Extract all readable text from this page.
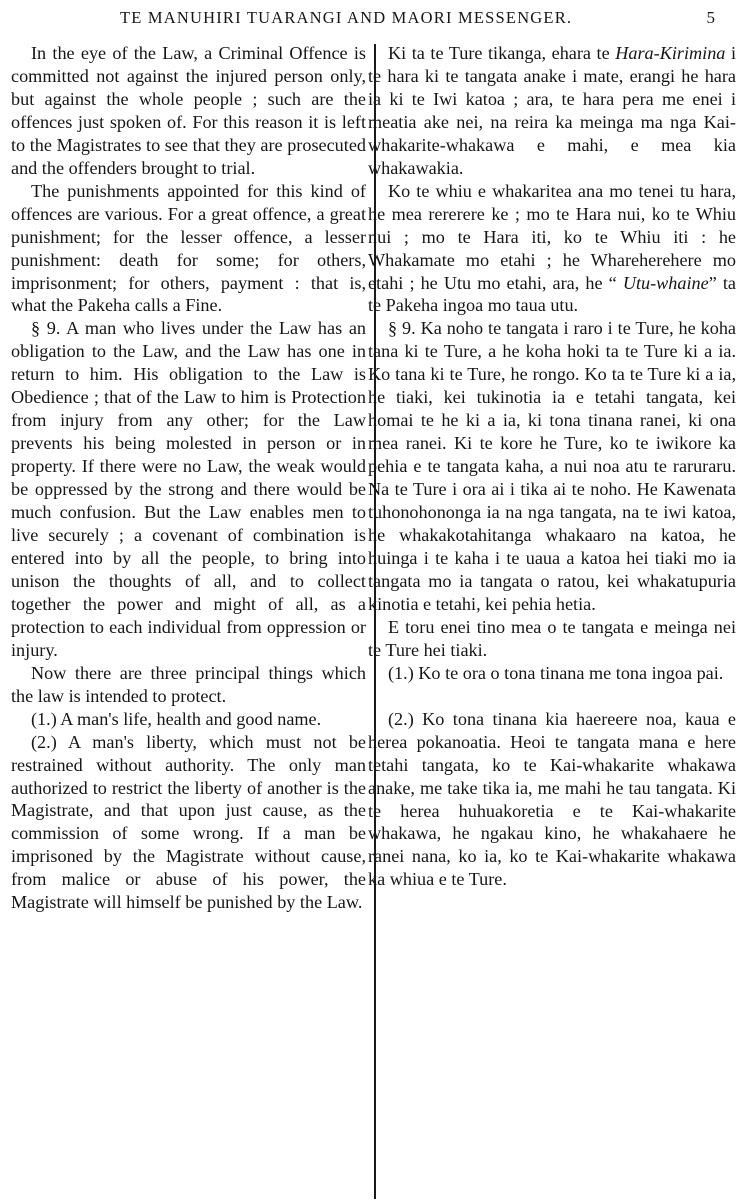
TE MANUHIRI TUARANGI AND MAORI MESSENGER.	5

In the eye of the Law, a Criminal Offence is committed not against the injured person only, but against the whole people ; such are the offences just spoken of. For this reason it is left to the Magistrates to see that they are prosecuted and the offenders brought to trial.

The punishments appointed for this kind of offences are various. For a great offence, a great punishment; for the lesser offence, a lesser punishment: death for some; for others, imprisonment; for others, payment : that is, what the Pakeha calls a Fine.

§ 9. A man who lives under the Law has an obligation to the Law, and the Law has one in return to him. His obligation to the Law is Obedience ; that of the Law to him is Protection from injury from any other; for the Law prevents his being molested in person or in property. If there were no Law, the weak would be oppressed by the strong and there would be much confusion. But the Law enables men to live securely ; a covenant of combination is entered into by all the people, to bring into unison the thoughts of all, and to collect together the power and might of all, as a protection to each individual from oppression or injury.

Now there are three principal things which the law is intended to protect.

(1.) A man's life, health and good name.

(2.) A man's liberty, which must not be restrained without authority. The only man authorized to restrict the liberty of another is the Magistrate, and that upon just cause, as the commission of some wrong. If a man be imprisoned by the Magistrate without cause, from malice or abuse of his power, the Magistrate will himself be punished by the Law.

Ki ta te Ture tikanga, ehara te Hara-Kirimina i te hara ki te tangata anake i mate, erangi he hara ia ki te Iwi katoa ; ara, te hara pera me enei i meatia ake nei, na reira ka meinga ma nga Kai-whakarite-whakawa e mahi, e mea kia whakawakia.

Ko te whiu e whakaritea ana mo tenei tu hara, he mea rererere ke ; mo te Hara nui, ko te Whiu nui ; mo te Hara iti, ko te Whiu iti : he Whakamate mo etahi ; he Wharehereherе mo etahi ; he Utu mo etahi, ara, he “ Utu-whaine” ta te Pakeha ingoa mo taua utu.

§ 9. Ka noho te tangata i raro i te Ture, he koha tana ki te Ture, a he koha hoki ta te Ture ki a ia. Ko tana ki te Ture, he rongo. Ko ta te Ture ki a ia, he tiaki, kei tukinotia ia e tetahi tangata, kei homai te he ki a ia, ki tona tinana ranei, ki ona mea ranei. Ki te kore he Ture, ko te iwikore ka pehia e te tangata kaha, a nui noa atu te raruraru. Na te Ture i ora ai i tika ai te noho. He Kawenata tuhonohononga ia na nga tangata, na te iwi katoa, he whakakotahitanga whakaaro na katoa, he huinga i te kaha i te uaua a katoa hei tiaki mo ia tangata mo ia tangata o ratou, kei whakatupuria kinotia e tetahi, kei pehia hetia.

E toru enei tino mea o te tangata e meinga nei te Ture hei tiaki.

(1.) Ko te ora o tona tinana me tona ingoa pai.

(2.) Ko tona tinana kia haereere noa, kaua e herea pokanoatia. Heoi te tangata mana e here tetahi tangata, ko te Kai-whakarite whakawa anake, me take tika ia, me mahi he tau tangata. Ki te herea huhuakoretia e te Kai-whakarite whakawa, he ngakau kino, he whakahaere he ranei nana, ko ia, ko te Kai-whakarite whakawa ka whiua e te Ture.
